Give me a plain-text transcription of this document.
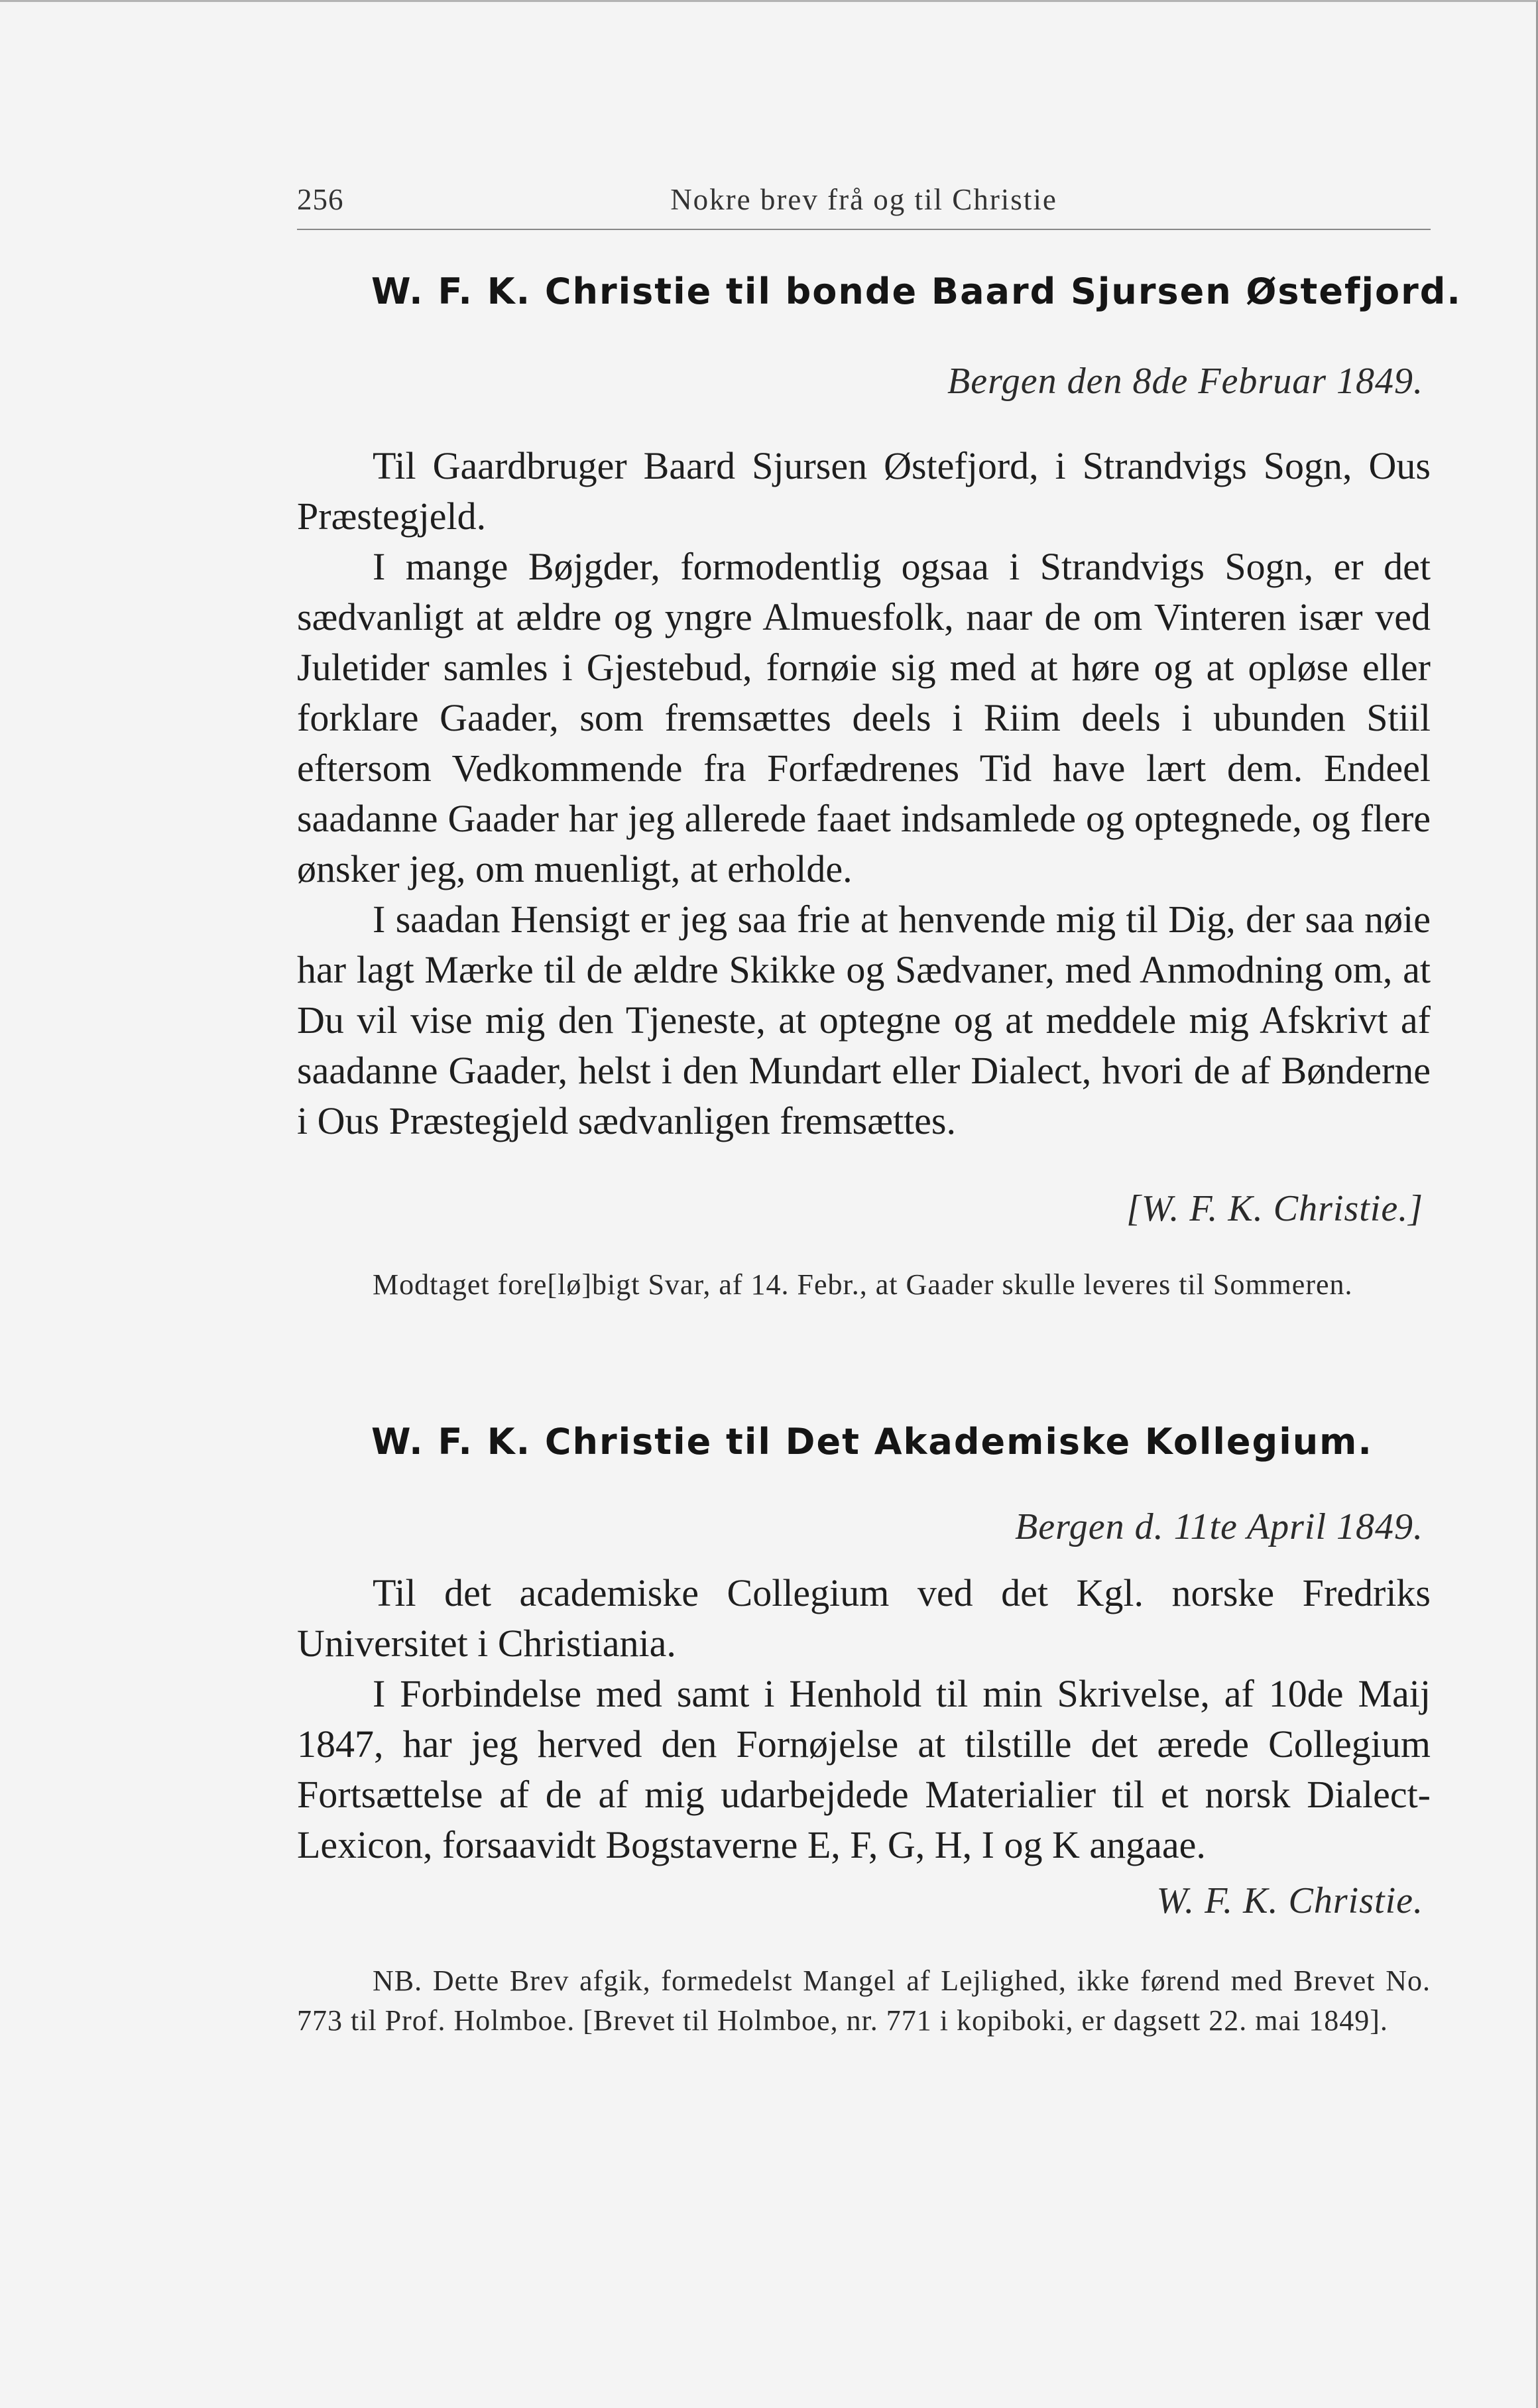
256	Nokre brev frå og til Christie
W. F. K. Christie til bonde Baard Sjursen Østefjord.
Bergen den 8de Februar 1849.

Til Gaardbruger Baard Sjursen Østefjord, i Strandvigs Sogn, Ous Præstegjeld.

I mange Bøjgder, formodentlig ogsaa i Strandvigs Sogn, er det sædvanligt at ældre og yngre Almuesfolk, naar de om Vinteren især ved Juletider samles i Gjestebud, fornøie sig med at høre og at opløse eller forklare Gaader, som fremsættes deels i Riim deels i ubunden Stiil eftersom Vedkommende fra Forfædrenes Tid have lært dem. Endeel saadanne Gaader har jeg allerede faaet indsamlede og optegnede, og flere ønsker jeg, om muenligt, at erholde.

I saadan Hensigt er jeg saa frie at henvende mig til Dig, der saa nøie har lagt Mærke til de ældre Skikke og Sædvaner, med Anmodning om, at Du vil vise mig den Tjeneste, at optegne og at meddele mig Afskrivt af saadanne Gaader, helst i den Mundart eller Dialect, hvori de af Bønderne i Ous Præstegjeld sædvanligen fremsættes.

[W. F. K. Christie.]

Modtaget fore[lø]bigt Svar, af 14. Febr., at Gaader skulle leveres til Sommeren.

W. F. K. Christie til Det Akademiske Kollegium.
Bergen d. 11te April 1849.

Til det academiske Collegium ved det Kgl. norske Fredriks Universitet i Christiania.

I Forbindelse med samt i Henhold til min Skrivelse, af 10de Maij 1847, har jeg herved den Fornøjelse at tilstille det ærede Collegium Fortsættelse af de af mig udarbejdede Materialier til et norsk Dialect-Lexicon, forsaavidt Bogstaverne E, F, G, H, I og K angaae.

W. F. K. Christie.

NB. Dette Brev afgik, formedelst Mangel af Lejlighed, ikke førend med Brevet No. 773 til Prof. Holmboe. [Brevet til Holmboe, nr. 771 i kopiboki, er dagsett 22. mai 1849].
